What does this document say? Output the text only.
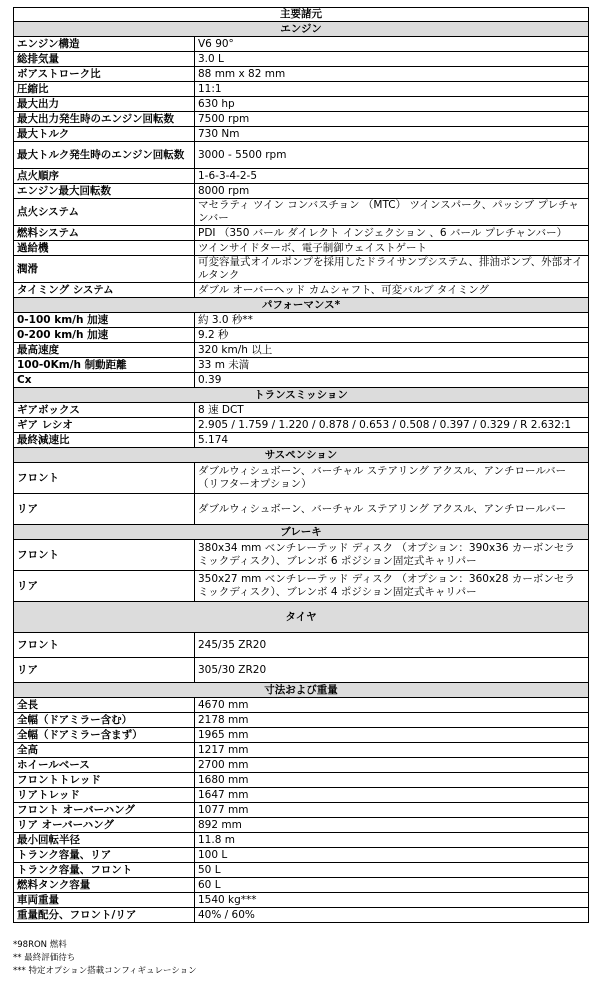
主要諸元	
エンジン	
エンジン構造	V6 90°
総排気量	3.0 L
ボアストローク比	88 mm x 82 mm
圧縮比	11:1
最大出力	630 hp
最大出力発生時のエンジン回転数	7500 rpm
最大トルク	730 Nm
最大トルク発生時のエンジン回転数	3000 - 5500 rpm
点火順序	1-6-3-4-2-5
エンジン最大回転数	8000 rpm
点火システム	マセラティ ツイン コンバスチョン （MTC） ツインスパーク、パッシブ プレチャンバー
燃料システム	PDI （350 バール ダイレクト インジェクション 、6 バール プレチャンバー）
過給機	ツインサイドターボ、電子制御ウェイストゲート
潤滑	可変容量式オイルポンプを採用したドライサンプシステム、排油ポンプ、外部オイルタンク
タイミング システム	ダブル オーバーヘッド カムシャフト、可変バルブ タイミング
パフォーマンス*	
0-100 km/h 加速	約 3.0 秒**
0-200 km/h 加速	9.2 秒
最高速度	320 km/h 以上
100-0Km/h 制動距離	33 m 未満
Cx	0.39
トランスミッション	
ギアボックス	8 速 DCT
ギア レシオ	2.905 / 1.759 / 1.220 / 0.878 / 0.653 / 0.508 / 0.397 / 0.329 / R 2.632:1
最終減速比	5.174
サスペンション	
フロント	ダブルウィシュボーン、バーチャル ステアリング アクスル、アンチロールバー（リフターオプション）
リア	ダブルウィシュボーン、バーチャル ステアリング アクスル、アンチロールバー
ブレーキ	
フロント	380x34 mm ベンチレーテッド ディスク （オプション：390x36 カーボンセラミックディスク）、ブレンボ 6 ポジション固定式キャリパー
リア	350x27 mm ベンチレーテッド ディスク （オプション：360x28 カーボンセラミックディスク）、ブレンボ 4 ポジション固定式キャリパー
タイヤ	
フロント	245/35 ZR20
リア	305/30 ZR20
寸法および重量	
全長	4670 mm
全幅（ドアミラー含む）	2178 mm
全幅（ドアミラー含まず）	1965 mm
全高	1217 mm
ホイールベース	2700 mm
フロントトレッド	1680 mm
リアトレッド	1647 mm
フロント オーバーハング	1077 mm
リア オーバーハング	892 mm
最小回転半径	11.8 m
トランク容量、リア	100 L
トランク容量、フロント	50 L
燃料タンク容量	60 L
車両重量	1540 kg***
重量配分、フロント/リア	40% / 60%
*98RON 燃料
** 最終評価待ち
*** 特定オプション搭載コンフィギュレーション
